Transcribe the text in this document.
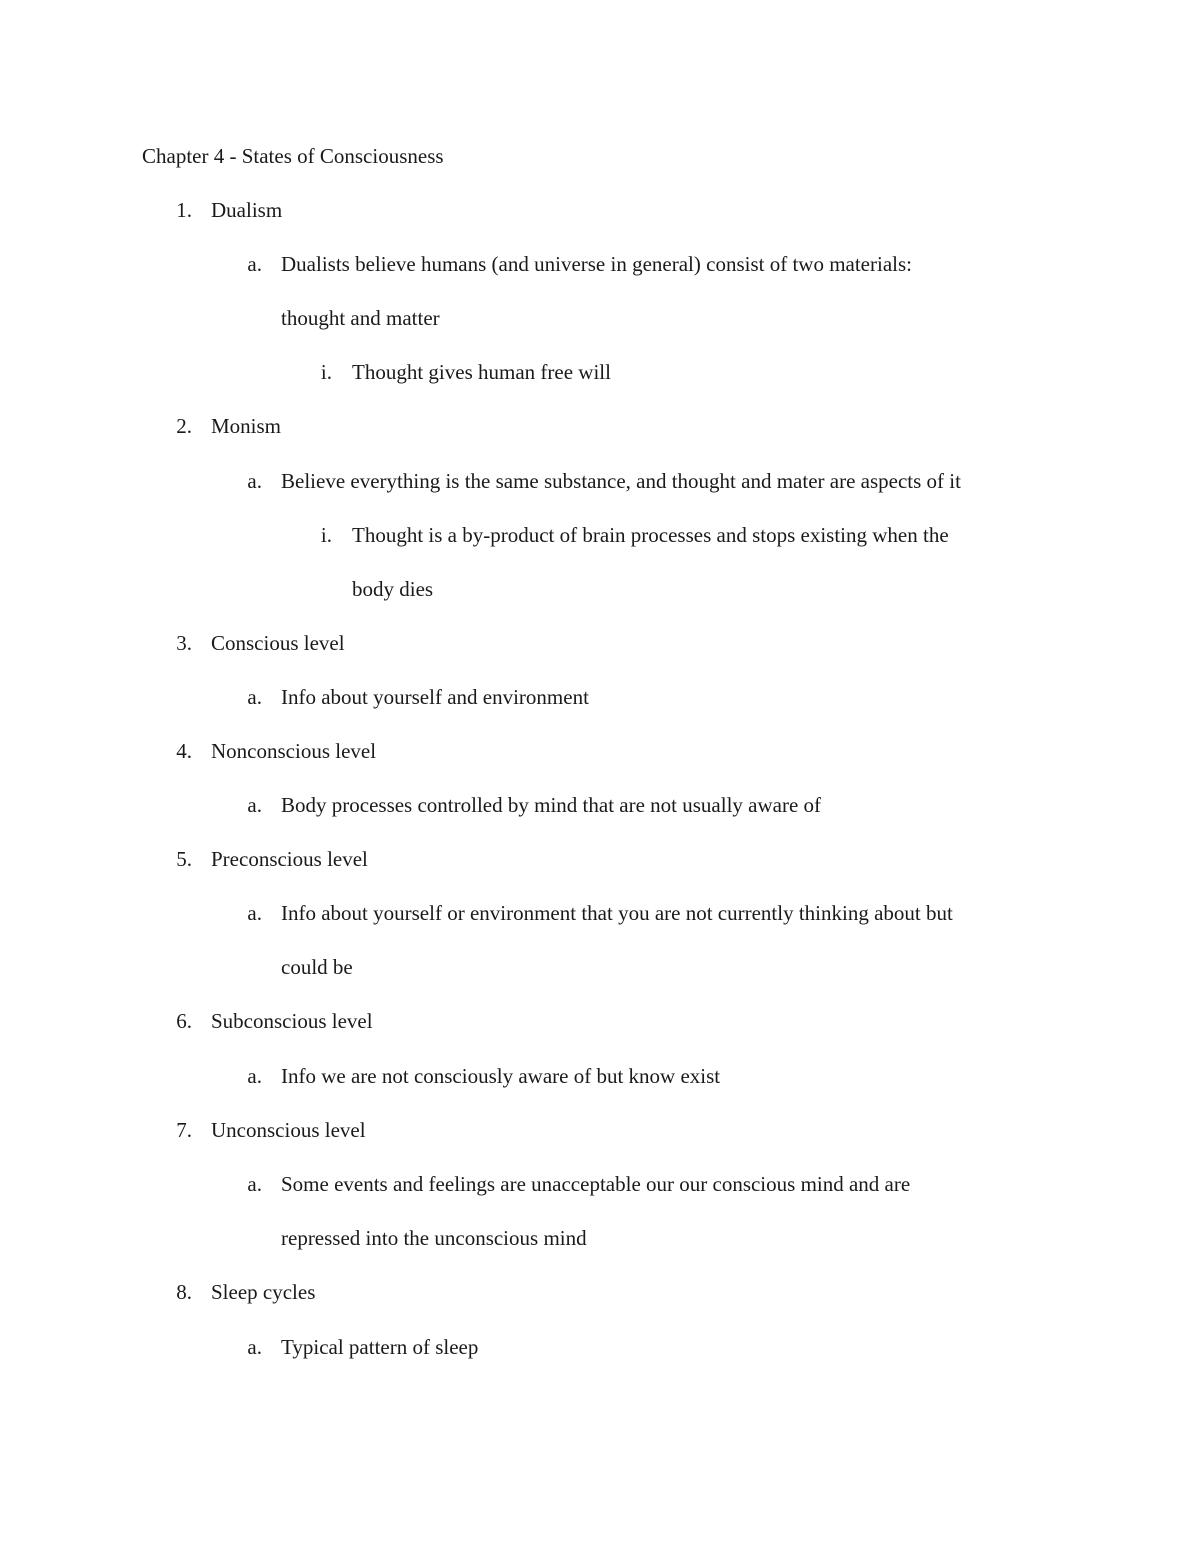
Chapter 4 - States of Consciousness
1. Dualism
a. Dualists believe humans (and universe in general) consist of two materials:
thought and matter
i. Thought gives human free will
2. Monism
a. Believe everything is the same substance, and thought and mater are aspects of it
i. Thought is a by-product of brain processes and stops existing when the
body dies
3. Conscious level
a. Info about yourself and environment
4. Nonconscious level
a. Body processes controlled by mind that are not usually aware of
5. Preconscious level
a. Info about yourself or environment that you are not currently thinking about but
could be
6. Subconscious level
a. Info we are not consciously aware of but know exist
7. Unconscious level
a. Some events and feelings are unacceptable our our conscious mind and are
repressed into the unconscious mind
8. Sleep cycles
a. Typical pattern of sleep
